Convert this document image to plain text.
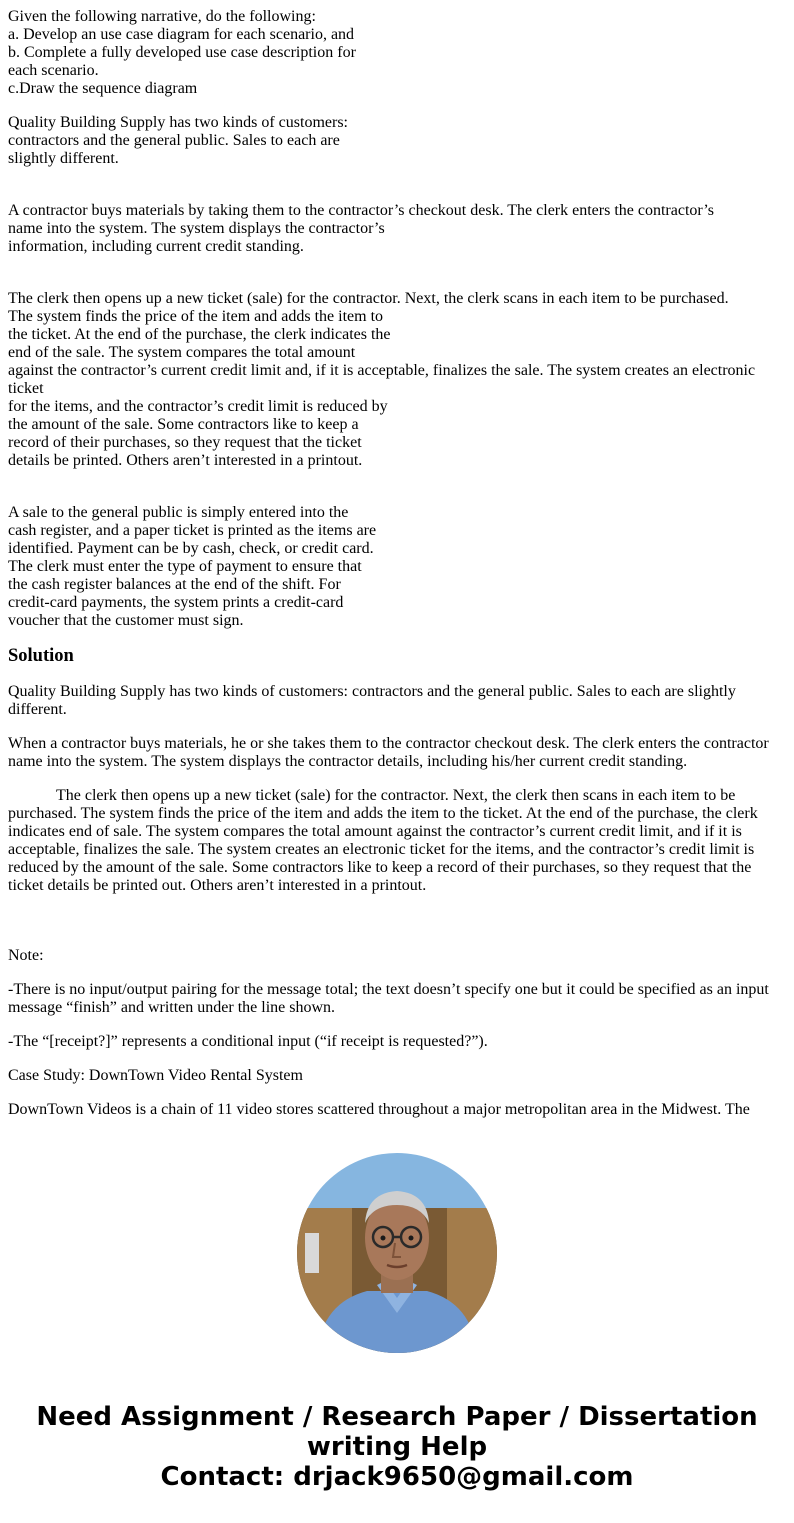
Given the following narrative, do the following:
a. Develop an use case diagram for each scenario, and
b. Complete a fully developed use case description for
each scenario.
c.Draw the sequence diagram
Quality Building Supply has two kinds of customers:
contractors and the general public. Sales to each are
slightly different.
A contractor buys materials by taking them to the contractor’s checkout desk. The clerk enters the contractor’s
name into the system. The system displays the contractor’s
information, including current credit standing.
The clerk then opens up a new ticket (sale) for the contractor. Next, the clerk scans in each item to be purchased.
The system finds the price of the item and adds the item to
the ticket. At the end of the purchase, the clerk indicates the
end of the sale. The system compares the total amount
against the contractor’s current credit limit and, if it is acceptable, finalizes the sale. The system creates an electronic ticket
for the items, and the contractor’s credit limit is reduced by
the amount of the sale. Some contractors like to keep a
record of their purchases, so they request that the ticket
details be printed. Others aren’t interested in a printout.
A sale to the general public is simply entered into the
cash register, and a paper ticket is printed as the items are
identified. Payment can be by cash, check, or credit card.
The clerk must enter the type of payment to ensure that
the cash register balances at the end of the shift. For
credit-card payments, the system prints a credit-card
voucher that the customer must sign.
Solution

Quality Building Supply has two kinds of customers: contractors and the general public. Sales to each are slightly different.

When a contractor buys materials, he or she takes them to the contractor checkout desk. The clerk enters the contractor name into the system. The system displays the contractor details, including his/her current credit standing.

The clerk then opens up a new ticket (sale) for the contractor. Next, the clerk then scans in each item to be purchased. The system finds the price of the item and adds the item to the ticket. At the end of the purchase, the clerk indicates end of sale. The system compares the total amount against the contractor’s current credit limit, and if it is acceptable, finalizes the sale. The system creates an electronic ticket for the items, and the contractor’s credit limit is reduced by the amount of the sale. Some contractors like to keep a record of their purchases, so they request that the ticket details be printed out. Others aren’t interested in a printout.

Note:

-There is no input/output pairing for the message total; the text doesn’t specify one but it could be specified as an input message “finish” and written under the line shown.

-The “[receipt?]” represents a conditional input (“if receipt is requested?”).

Case Study: DownTown Video Rental System

DownTown Videos is a chain of 11 video stores scattered throughout a major metropolitan area in the Midwest. The

Need Assignment / Research Paper / Dissertation
writing Help
Contact: drjack9650@gmail.com
